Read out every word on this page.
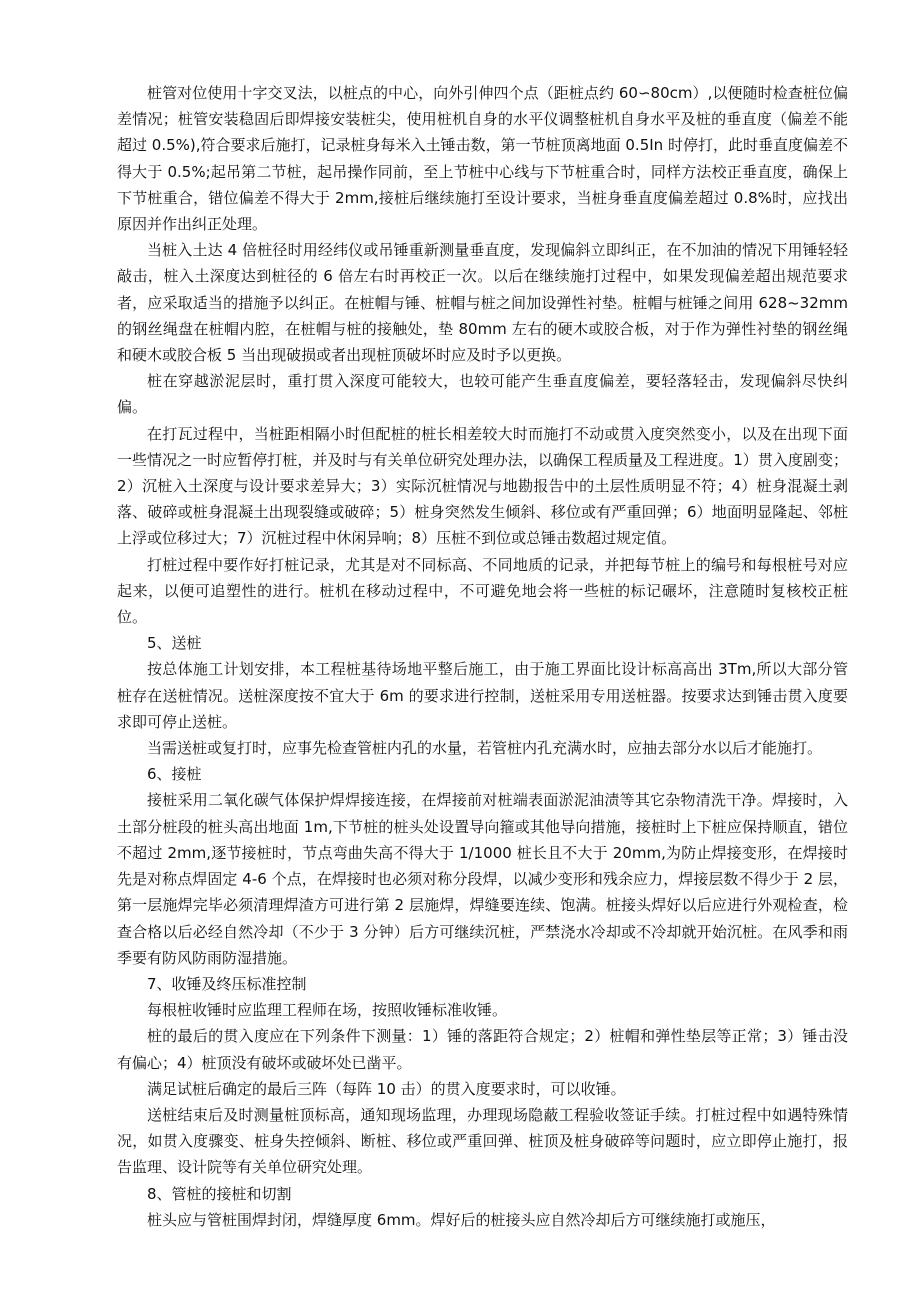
桩管对位使用十字交叉法，以桩点的中心，向外引伸四个点（距桩点约 60∽80cm）,以便随时检查桩位偏差情况；桩管安装稳固后即焊接安装桩尖，使用桩机自身的水平仪调整桩机自身水平及桩的垂直度（偏差不能超过 0.5%),符合要求后施打，记录桩身每米入土锤击数，第一节桩顶离地面 0.5In 时停打，此时垂直度偏差不得大于 0.5%;起吊第二节桩，起吊操作同前，至上节桩中心线与下节桩重合时，同样方法校正垂直度，确保上下节桩重合，错位偏差不得大于 2mm,接桩后继续施打至设计要求，当桩身垂直度偏差超过 0.8%时，应找出原因并作出纠正处理。

当桩入土达 4 倍桩径时用经纬仪或吊锤重新测量垂直度，发现偏斜立即纠正，在不加油的情况下用锤轻轻敲击，桩入土深度达到桩径的 6 倍左右时再校正一次。以后在继续施打过程中，如果发现偏差超出规范要求者，应采取适当的措施予以纠正。在桩帽与锤、桩帽与桩之间加设弹性衬垫。桩帽与桩锤之间用 628~32mm 的钢丝绳盘在桩帽内腔，在桩帽与桩的接触处，垫 80mm 左右的硬木或胶合板，对于作为弹性衬垫的钢丝绳和硬木或胶合板 5 当出现破损或者出现桩顶破坏时应及时予以更换。

桩在穿越淤泥层时，重打贯入深度可能较大，也较可能产生垂直度偏差，要轻落轻击，发现偏斜尽快纠偏。

在打瓦过程中，当桩距相隔小时但配桩的桩长相差较大时而施打不动或贯入度突然变小，以及在出现下面一些情况之一时应暂停打桩，并及时与有关单位研究处理办法，以确保工程质量及工程进度。1）贯入度剧变；2）沉桩入土深度与设计要求差异大；3）实际沉桩情况与地勘报告中的土层性质明显不符；4）桩身混凝土剥落、破碎或桩身混凝土出现裂缝或破碎；5）桩身突然发生倾斜、移位或有严重回弹；6）地面明显隆起、邻桩上浮或位移过大；7）沉桩过程中休闲异响；8）压桩不到位或总锤击数超过规定值。

打桩过程中要作好打桩记录，尤其是对不同标高、不同地质的记录，并把每节桩上的编号和每根桩号对应起来，以便可追塑性的进行。桩机在移动过程中，不可避免地会将一些桩的标记碾坏，注意随时复核校正桩位。

5、送桩

按总体施工计划安排，本工程桩基待场地平整后施工，由于施工界面比设计标高高出 3Tm,所以大部分管桩存在送桩情况。送桩深度按不宜大于 6m 的要求进行控制，送桩采用专用送桩器。按要求达到锤击贯入度要求即可停止送桩。

当需送桩或复打时，应事先检查管桩内孔的水量，若管桩内孔充满水时，应抽去部分水以后才能施打。

6、接桩

接桩采用二氧化碳气体保护焊焊接连接，在焊接前对桩端表面淤泥油渍等其它杂物清洗干净。焊接时，入土部分桩段的桩头高出地面 1m,下节桩的桩头处设置导向箍或其他导向措施，接桩时上下桩应保持顺直，错位不超过 2mm,逐节接桩时，节点弯曲失高不得大于 1/1000 桩长且不大于 20mm,为防止焊接变形，在焊接时先是对称点焊固定 4-6 个点，在焊接时也必须对称分段焊，以减少变形和残余应力，焊接层数不得少于 2 层，第一层施焊完毕必须清理焊渣方可进行第 2 层施焊，焊缝要连续、饱满。桩接头焊好以后应进行外观检查，检查合格以后必经自然冷却（不少于 3 分钟）后方可继续沉桩，严禁浇水冷却或不冷却就开始沉桩。在风季和雨季要有防风防雨防湿措施。

7、收锤及终压标准控制

每根桩收锤时应监理工程师在场，按照收锤标准收锤。

桩的最后的贯入度应在下列条件下测量：1）锤的落距符合规定；2）桩帽和弹性垫层等正常；3）锤击没有偏心；4）桩顶没有破坏或破坏处已凿平。

满足试桩后确定的最后三阵（每阵 10 击）的贯入度要求时，可以收锤。

送桩结束后及时测量桩顶标高，通知现场监理，办理现场隐蔽工程验收签证手续。打桩过程中如遇特殊情况，如贯入度骤变、桩身失控倾斜、断桩、移位或严重回弹、桩顶及桩身破碎等问题时，应立即停止施打，报告监理、设计院等有关单位研究处理。

8、管桩的接桩和切割

桩头应与管桩围焊封闭，焊缝厚度 6mm。焊好后的桩接头应自然冷却后方可继续施打或施压，
